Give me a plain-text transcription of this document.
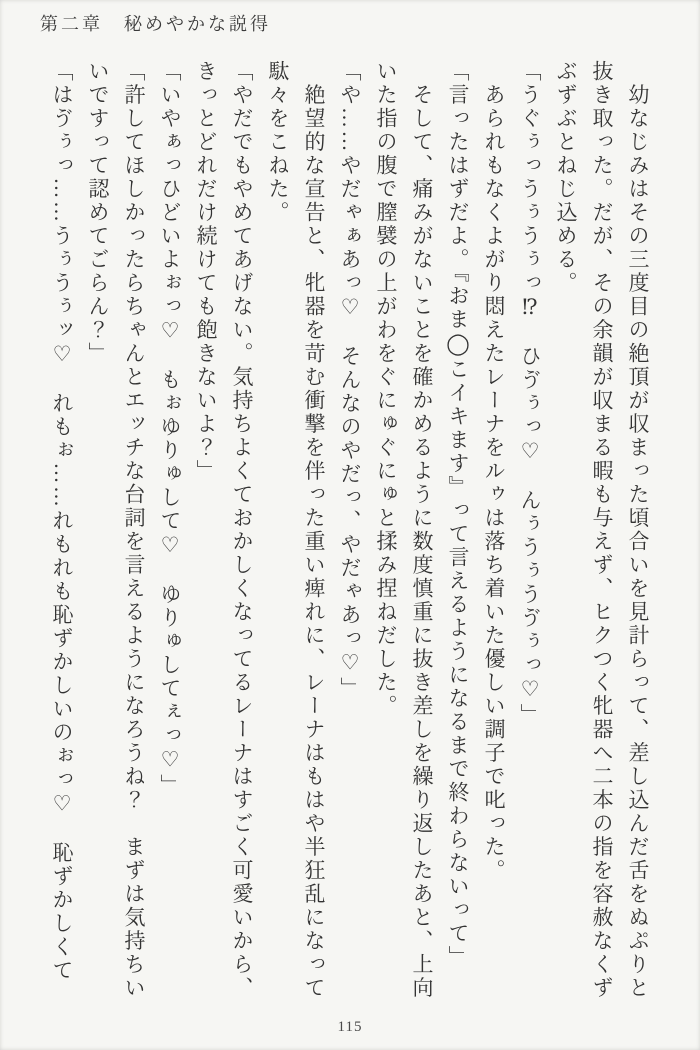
第二章　秘めやかな説得

　幼なじみはその三度目の絶頂が収まった頃合いを見計らって、差し込んだ舌をぬぷりと抜き取った。だが、その余韻が収まる暇も与えず、ヒクつく牝器へ二本の指を容赦なくずぶずぶとねじ込める。

「うぐぅっうぅうぅっ⁉　ひゔぅっ♡　んぅうぅうゔぅっ♡」

　あられもなくよがり悶えたレーナをルゥは落ち着いた優しい調子で叱った。

「言ったはずだよ。『おま◯こイキます』って言えるようになるまで終わらないって」

　そして、痛みがないことを確かめるように数度慎重に抜き差しを繰り返したあと、上向いた指の腹で膣襞の上がわをぐにゅぐにゅと揉み捏ねだした。

「や……やだゃぁあっ♡　そんなのやだっ、やだゃあっ♡」

　絶望的な宣告と、牝器を苛む衝撃を伴った重い痺れに、レーナはもはや半狂乱になって駄々をこねた。

「やだでもやめてあげない。気持ちよくておかしくなってるレーナはすごく可愛いから、きっとどれだけ続けても飽きないよ？」

「いやぁっひどいよぉっ♡　もぉゆりゅして♡　ゆりゅしてぇっ♡」

「許してほしかったらちゃんとエッチな台詞を言えるようになろうね？　まずは気持ちいいですって認めてごらん？」

「はゔぅっ……うぅうぅッ♡　れもぉ……れもれも恥ずかしいのぉっ♡　恥ずかしくて

115
